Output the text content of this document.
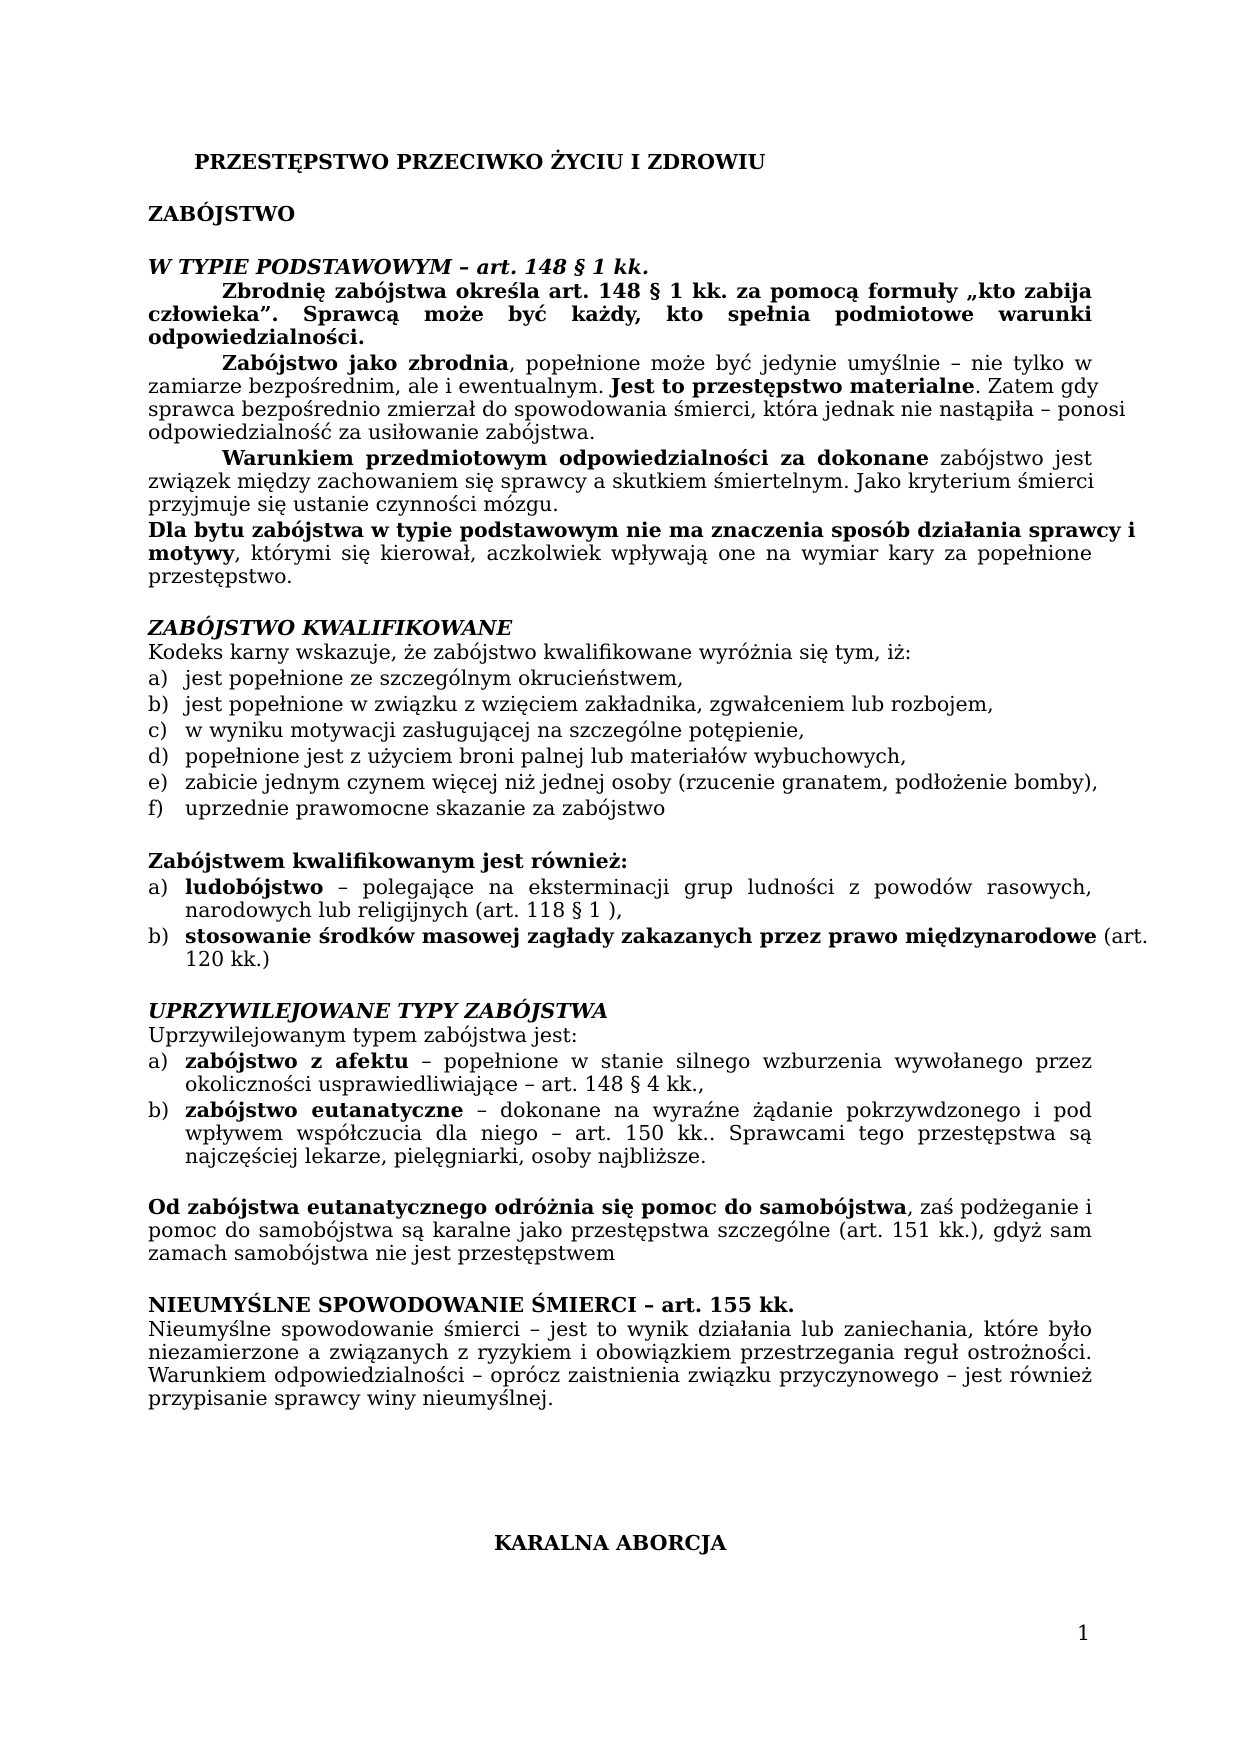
PRZESTĘPSTWO PRZECIWKO ŻYCIU I ZDROWIU
ZABÓJSTWO
W TYPIE PODSTAWOWYM – art. 148 § 1 kk.
Zbrodnię zabójstwa określa art. 148 § 1 kk. za pomocą formuły „kto zabija
człowieka”. Sprawcą może być każdy, kto spełnia podmiotowe warunki
odpowiedzialności.
Zabójstwo jako zbrodnia, popełnione może być jedynie umyślnie – nie tylko w
zamiarze bezpośrednim, ale i ewentualnym. Jest to przestępstwo materialne. Zatem gdy
sprawca bezpośrednio zmierzał do spowodowania śmierci, która jednak nie nastąpiła – ponosi
odpowiedzialność za usiłowanie zabójstwa.
Warunkiem przedmiotowym odpowiedzialności za dokonane zabójstwo jest
związek między zachowaniem się sprawcy a skutkiem śmiertelnym. Jako kryterium śmierci
przyjmuje się ustanie czynności mózgu.
Dla bytu zabójstwa w typie podstawowym nie ma znaczenia sposób działania sprawcy i
motywy, którymi się kierował, aczkolwiek wpływają one na wymiar kary za popełnione
przestępstwo.
ZABÓJSTWO KWALIFIKOWANE
Kodeks karny wskazuje, że zabójstwo kwalifikowane wyróżnia się tym, iż:
a) jest popełnione ze szczególnym okrucieństwem,
b) jest popełnione w związku z wzięciem zakładnika, zgwałceniem lub rozbojem,
c) w wyniku motywacji zasługującej na szczególne potępienie,
d) popełnione jest z użyciem broni palnej lub materiałów wybuchowych,
e) zabicie jednym czynem więcej niż jednej osoby (rzucenie granatem, podłożenie bomby),
f)	uprzednie prawomocne skazanie za zabójstwo
Zabójstwem kwalifikowanym jest również:
a) ludobójstwo – polegające na eksterminacji grup ludności z powodów rasowych,
narodowych lub religijnych (art. 118 § 1 ),
b) stosowanie środków masowej zagłady zakazanych przez prawo międzynarodowe (art.
120 kk.)
UPRZYWILEJOWANE TYPY ZABÓJSTWA
Uprzywilejowanym typem zabójstwa jest:
a) zabójstwo z afektu – popełnione w stanie silnego wzburzenia wywołanego przez
okoliczności usprawiedliwiające – art. 148 § 4 kk.,
b) zabójstwo eutanatyczne – dokonane na wyraźne żądanie pokrzywdzonego i pod
wpływem współczucia dla niego – art. 150 kk.. Sprawcami tego przestępstwa są
najczęściej lekarze, pielęgniarki, osoby najbliższe.
Od zabójstwa eutanatycznego odróżnia się pomoc do samobójstwa, zaś podżeganie i
pomoc do samobójstwa są karalne jako przestępstwa szczególne (art. 151 kk.), gdyż sam
zamach samobójstwa nie jest przestępstwem
NIEUMYŚLNE SPOWODOWANIE ŚMIERCI – art. 155 kk.
Nieumyślne spowodowanie śmierci – jest to wynik działania lub zaniechania, które było
niezamierzone a związanych z ryzykiem i obowiązkiem przestrzegania reguł ostrożności.
Warunkiem odpowiedzialności – oprócz zaistnienia związku przyczynowego – jest również
przypisanie sprawcy winy nieumyślnej.
KARALNA ABORCJA
1
